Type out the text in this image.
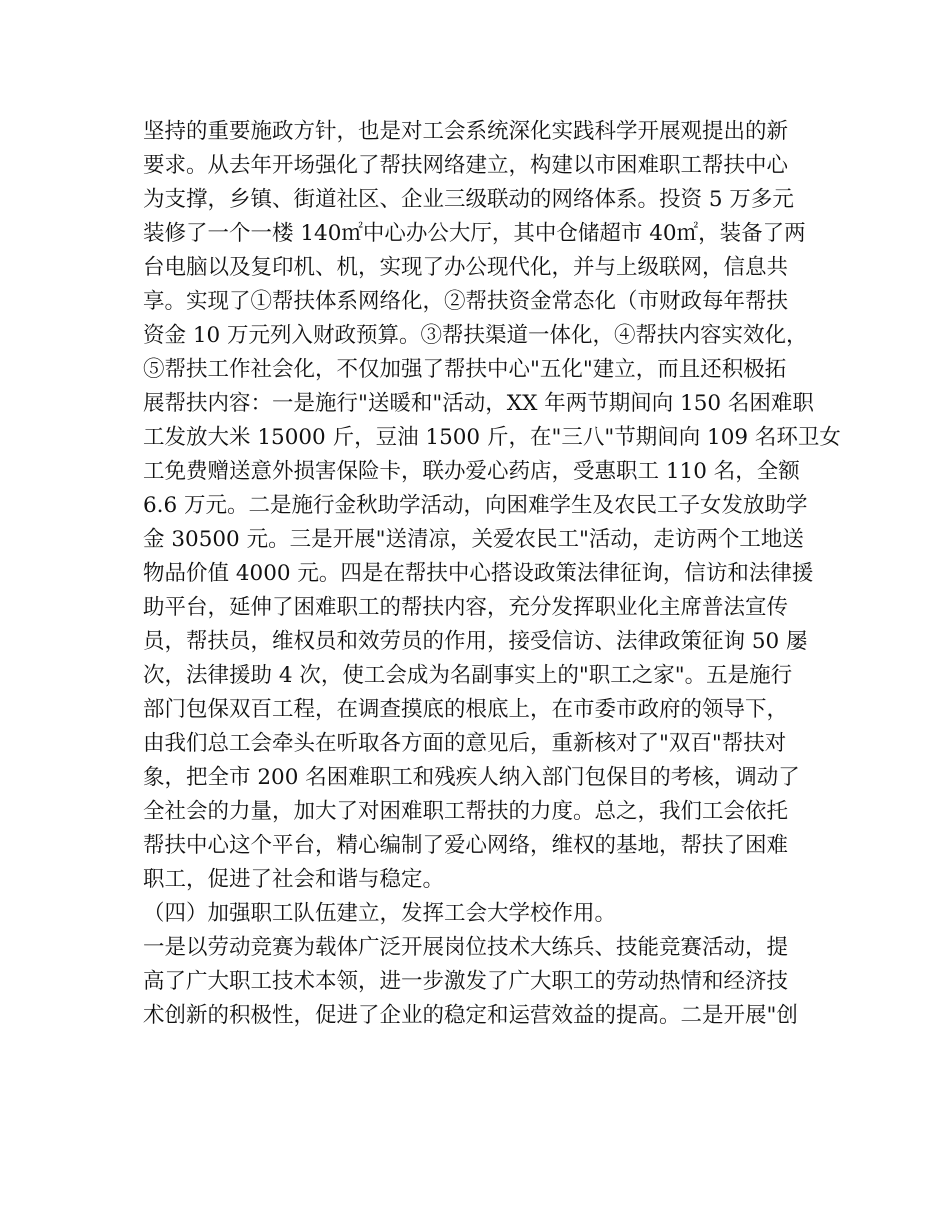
坚持的重要施政方针，也是对工会系统深化实践科学开展观提出的新
要求。从去年开场强化了帮扶网络建立，构建以市困难职工帮扶中心
为支撑，乡镇、街道社区、企业三级联动的网络体系。投资 5 万多元
装修了一个一楼 140㎡中心办公大厅，其中仓储超市 40㎡，装备了两
台电脑以及复印机、机，实现了办公现代化，并与上级联网，信息共
享。实现了①帮扶体系网络化，②帮扶资金常态化（市财政每年帮扶
资金 10 万元列入财政预算。③帮扶渠道一体化，④帮扶内容实效化，
⑤帮扶工作社会化，不仅加强了帮扶中心"五化"建立，而且还积极拓
展帮扶内容：一是施行"送暖和"活动，XX 年两节期间向 150 名困难职
工发放大米 15000 斤，豆油 1500 斤，在"三八"节期间向 109 名环卫女
工免费赠送意外损害保险卡，联办爱心药店，受惠职工 110 名，全额
6.6 万元。二是施行金秋助学活动，向困难学生及农民工子女发放助学
金 30500 元。三是开展"送清凉，关爱农民工"活动，走访两个工地送
物品价值 4000 元。四是在帮扶中心搭设政策法律征询，信访和法律援
助平台，延伸了困难职工的帮扶内容，充分发挥职业化主席普法宣传
员，帮扶员，维权员和效劳员的作用，接受信访、法律政策征询 50 屡
次，法律援助 4 次，使工会成为名副事实上的"职工之家"。五是施行
部门包保双百工程，在调查摸底的根底上，在市委市政府的领导下，
由我们总工会牵头在听取各方面的意见后，重新核对了"双百"帮扶对
象，把全市 200 名困难职工和残疾人纳入部门包保目的考核，调动了
全社会的力量，加大了对困难职工帮扶的力度。总之，我们工会依托
帮扶中心这个平台，精心编制了爱心网络，维权的基地，帮扶了困难
职工，促进了社会和谐与稳定。
（四）加强职工队伍建立，发挥工会大学校作用。
一是以劳动竞赛为载体广泛开展岗位技术大练兵、技能竞赛活动，提
高了广大职工技术本领，进一步激发了广大职工的劳动热情和经济技
术创新的积极性，促进了企业的稳定和运营效益的提高。二是开展"创
